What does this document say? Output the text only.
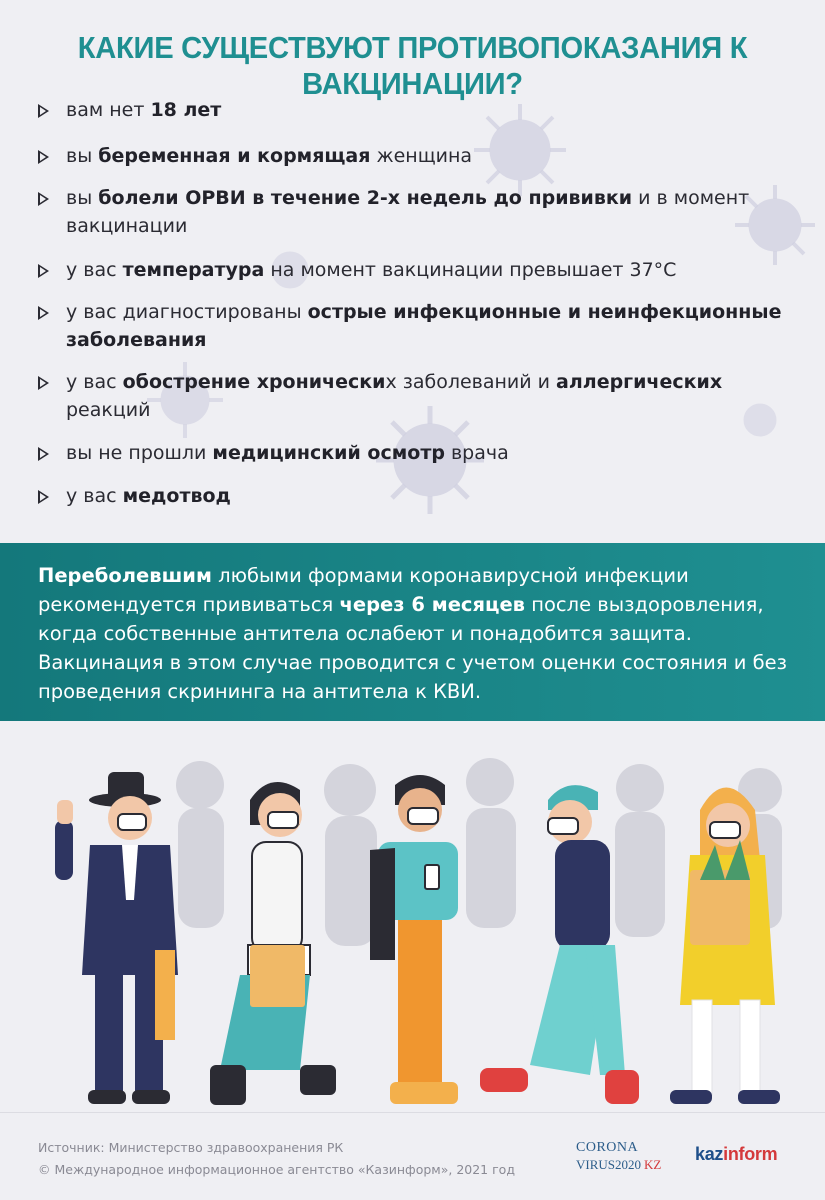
КАКИЕ СУЩЕСТВУЮТ ПРОТИВОПОКАЗАНИЯ К ВАКЦИНАЦИИ?
вам нет 18 лет
вы беременная и кормящая женщина
вы болели ОРВИ в течение 2-х недель до прививки и в момент вакцинации
у вас температура на момент вакцинации превышает 37°С
у вас диагностированы острые инфекционные и неинфекционные заболевания
у вас обострение хронических заболеваний и аллергических реакций
вы не прошли медицинский осмотр врача
у вас медотвод
Переболевшим любыми формами коронавирусной инфекции рекомендуется прививаться через 6 месяцев после выздоровления, когда собственные антитела ослабеют и понадобится защита. Вакцинация в этом случае проводится с учетом оценки состояния и без проведения скрининга на антитела к КВИ.
Источник: Министерство здравоохранения РК
© Международное информационное агентство «Казинформ», 2021 год
CORONA
VIRUS2020 KZ
kazinform
